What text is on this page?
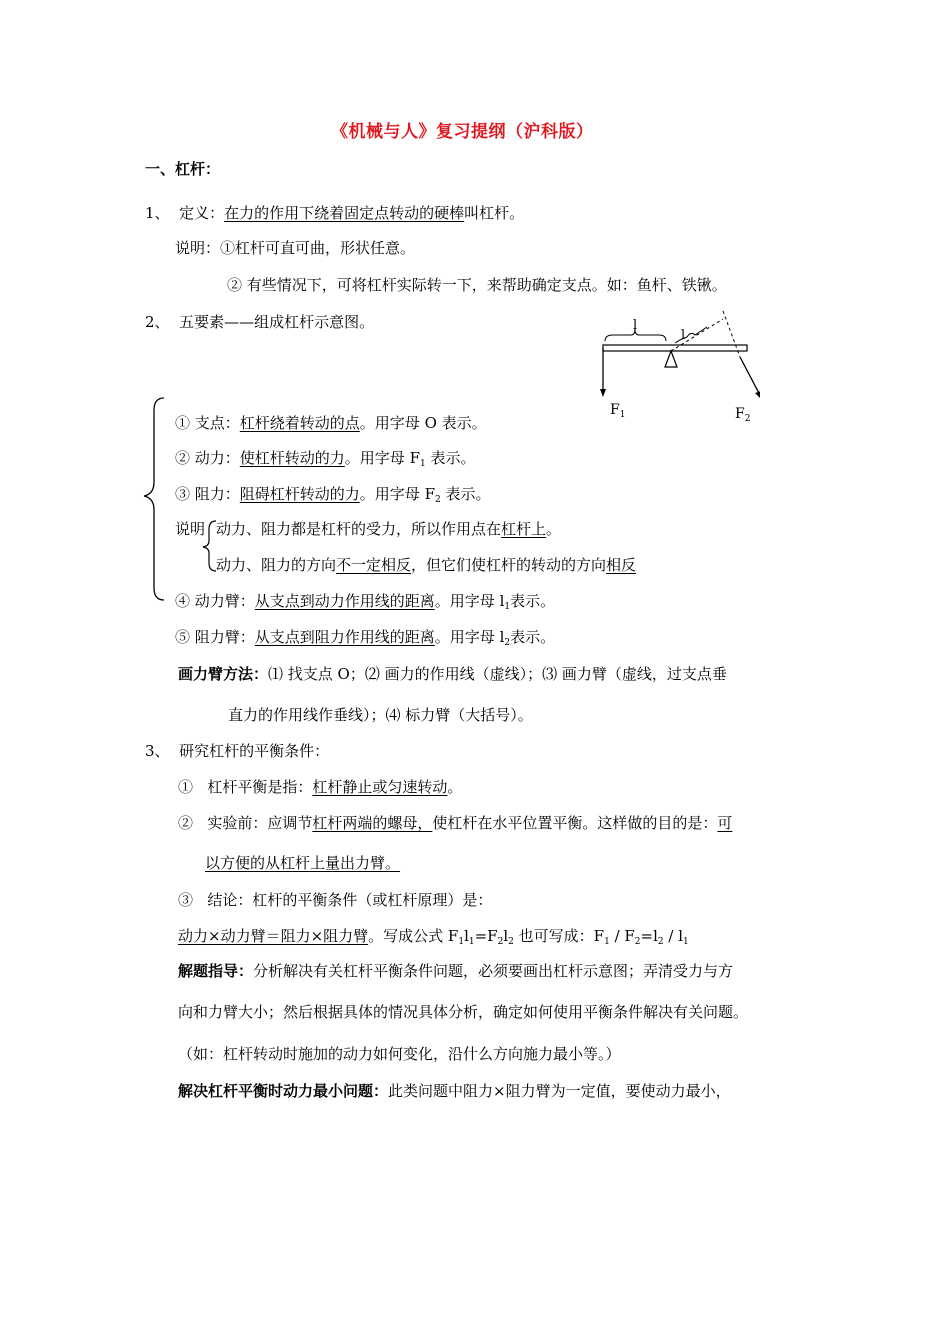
《机械与人》复习提纲（沪科版）
一、杠杆：
1、 定义：在力的作用下绕着固定点转动的硬棒叫杠杆。
说明：①杠杆可直可曲，形状任意。
② 有些情况下，可将杠杆实际转一下，来帮助确定支点。如：鱼杆、铁锹。
2、 五要素——组成杠杆示意图。	l
l
$F_1$	$F_2$
① 支点：杠杆绕着转动的点。用字母 O 表示。
② 动力：使杠杆转动的力。用字母 $F_1$ 表示。
③ 阻力：阻碍杠杆转动的力。用字母 $F_2$ 表示。
说明 动力、阻力都是杠杆的受力，所以作用点在杠杆上。
动力、阻力的方向不一定相反，但它们使杠杆的转动的方向相反
④ 动力臂：从支点到动力作用线的距离。用字母 $l_1$表示。
⑤ 阻力臂：从支点到阻力作用线的距离。用字母 $l_2$表示。
画力臂方法：⑴ 找支点 O；⑵ 画力的作用线（虚线）；⑶ 画力臂（虚线，过支点垂
直力的作用线作垂线）；⑷ 标力臂（大括号）。
3、 研究杠杆的平衡条件：
① 杠杆平衡是指：杠杆静止或匀速转动。
② 实验前：应调节杠杆两端的螺母，使杠杆在水平位置平衡。这样做的目的是：可
以方便的从杠杆上量出力臂。
③ 结论：杠杆的平衡条件（或杠杆原理）是：
动力×动力臂＝阻力×阻力臂。写成公式 $F_1l_1=F_2l_2$ 也可写成：$F_1 / F_2=l_2 / l_1$
解题指导：分析解决有关杠杆平衡条件问题，必须要画出杠杆示意图；弄清受力与方
向和力臂大小；然后根据具体的情况具体分析，确定如何使用平衡条件解决有关问题。
（如：杠杆转动时施加的动力如何变化，沿什么方向施力最小等。）
解决杠杆平衡时动力最小问题：此类问题中阻力×阻力臂为一定值，要使动力最小，
